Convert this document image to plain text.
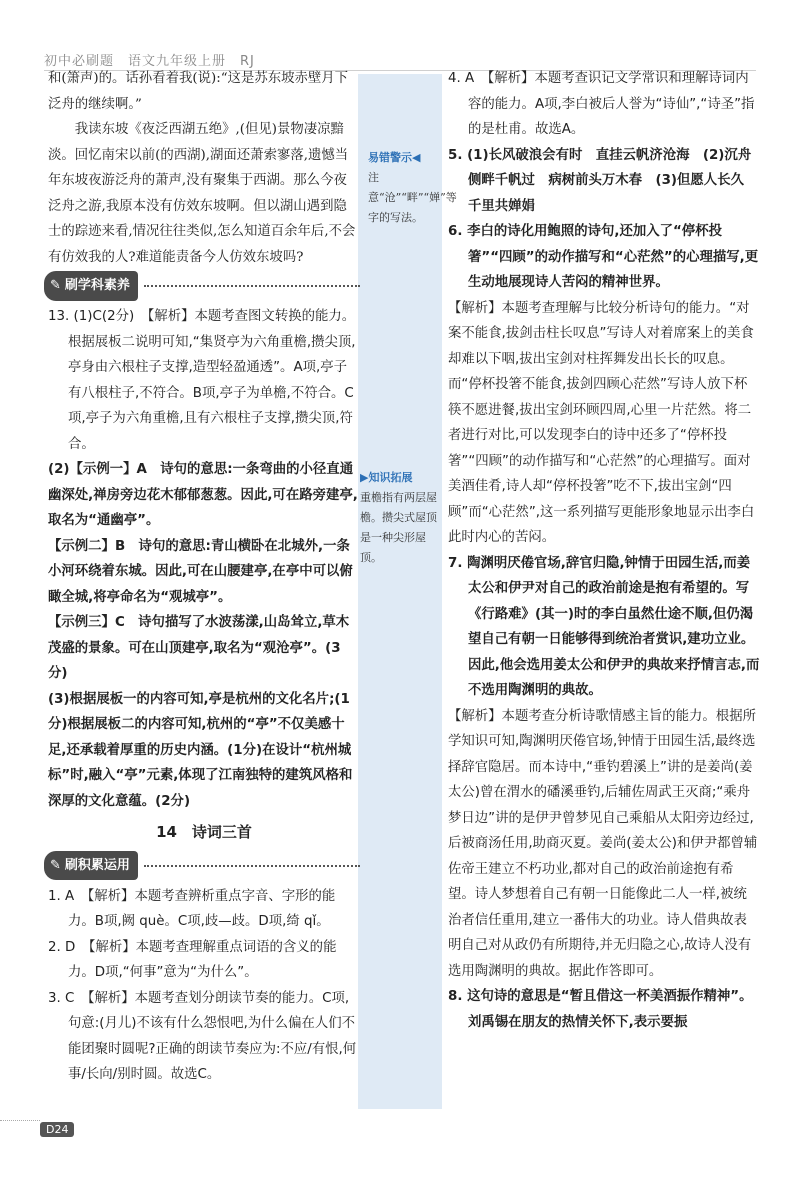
初中必刷题　语文九年级上册　RJ

和(箫声)的。话孙看着我(说):“这是苏东坡赤壁月下泛舟的继续啊。”

我读东坡《夜泛西湖五绝》,(但见)景物凄凉黯淡。回忆南宋以前(的西湖),湖面还萧索寥落,遗憾当年东坡夜游泛舟的萧声,没有聚集于西湖。那么今夜泛舟之游,我原本没有仿效东坡啊。但以湖山遇到隐士的踪迹来看,情况往往类似,怎么知道百余年后,不会有仿效我的人?难道能责备今人仿效东坡吗?

✎ 刷学科素养

13. (1)C(2分)　【解析】本题考查图文转换的能力。根据展板二说明可知,“集贤亭为六角重檐,攒尖顶,亭身由六根柱子支撑,造型轻盈通透”。A项,亭子有八根柱子,不符合。B项,亭子为单檐,不符合。C项,亭子为六角重檐,且有六根柱子支撑,攒尖顶,符合。

(2)【示例一】A　诗句的意思:一条弯曲的小径直通幽深处,禅房旁边花木郁郁葱葱。因此,可在路旁建亭,取名为“通幽亭”。

【示例二】B　诗句的意思:青山横卧在北城外,一条小河环绕着东城。因此,可在山腰建亭,在亭中可以俯瞰全城,将亭命名为“观城亭”。

【示例三】C　诗句描写了水波荡漾,山岛耸立,草木茂盛的景象。可在山顶建亭,取名为“观沧亭”。(3分)

(3)根据展板一的内容可知,亭是杭州的文化名片;(1分)根据展板二的内容可知,杭州的“亭”不仅美感十足,还承载着厚重的历史内涵。(1分)在设计“杭州城标”时,融入“亭”元素,体现了江南独特的建筑风格和深厚的文化意蕴。(2分)

14　诗词三首
✎ 刷积累运用

1. A　【解析】本题考查辨析重点字音、字形的能力。B项,阙 què。C项,歧—歧。D项,绮 qǐ。

2. D　【解析】本题考查理解重点词语的含义的能力。D项,“何事”意为“为什么”。

3. C　【解析】本题考查划分朗读节奏的能力。C项,句意:(月儿)不该有什么怨恨吧,为什么偏在人们不能团聚时圆呢?正确的朗读节奏应为:不应/有恨,何事/长向/别时圆。故选C。

易错警示◀
注意“沧”“畔”“婵”等字的写法。
▶知识拓展
重檐指有两层屋檐。攒尖式屋顶是一种尖形屋顶。

4. A　【解析】本题考查识记文学常识和理解诗词内容的能力。A项,李白被后人誉为“诗仙”,“诗圣”指的是杜甫。故选A。

5. (1)长风破浪会有时　直挂云帆济沧海　(2)沉舟侧畔千帆过　病树前头万木春　(3)但愿人长久　千里共婵娟

6. 李白的诗化用鲍照的诗句,还加入了“停杯投箸”“四顾”的动作描写和“心茫然”的心理描写,更生动地展现诗人苦闷的精神世界。

【解析】本题考查理解与比较分析诗句的能力。“对案不能食,拔剑击柱长叹息”写诗人对着席案上的美食却难以下咽,拔出宝剑对柱挥舞发出长长的叹息。而“停杯投箸不能食,拔剑四顾心茫然”写诗人放下杯筷不愿进餐,拔出宝剑环顾四周,心里一片茫然。将二者进行对比,可以发现李白的诗中还多了“停杯投箸”“四顾”的动作描写和“心茫然”的心理描写。面对美酒佳肴,诗人却“停杯投箸”吃不下,拔出宝剑“四顾”而“心茫然”,这一系列描写更能形象地显示出李白此时内心的苦闷。

7. 陶渊明厌倦官场,辞官归隐,钟情于田园生活,而姜太公和伊尹对自己的政治前途是抱有希望的。写《行路难》(其一)时的李白虽然仕途不顺,但仍渴望自己有朝一日能够得到统治者赏识,建功立业。因此,他会选用姜太公和伊尹的典故来抒情言志,而不选用陶渊明的典故。

【解析】本题考查分析诗歌情感主旨的能力。根据所学知识可知,陶渊明厌倦官场,钟情于田园生活,最终选择辞官隐居。而本诗中,“垂钓碧溪上”讲的是姜尚(姜太公)曾在渭水的磻溪垂钓,后辅佐周武王灭商;“乘舟梦日边”讲的是伊尹曾梦见自己乘船从太阳旁边经过,后被商汤任用,助商灭夏。姜尚(姜太公)和伊尹都曾辅佐帝王建立不朽功业,都对自己的政治前途抱有希望。诗人梦想着自己有朝一日能像此二人一样,被统治者信任重用,建立一番伟大的功业。诗人借典故表明自己对从政仍有所期待,并无归隐之心,故诗人没有选用陶渊明的典故。据此作答即可。

8. 这句诗的意思是“暂且借这一杯美酒振作精神”。刘禹锡在朋友的热情关怀下,表示要振

D24
